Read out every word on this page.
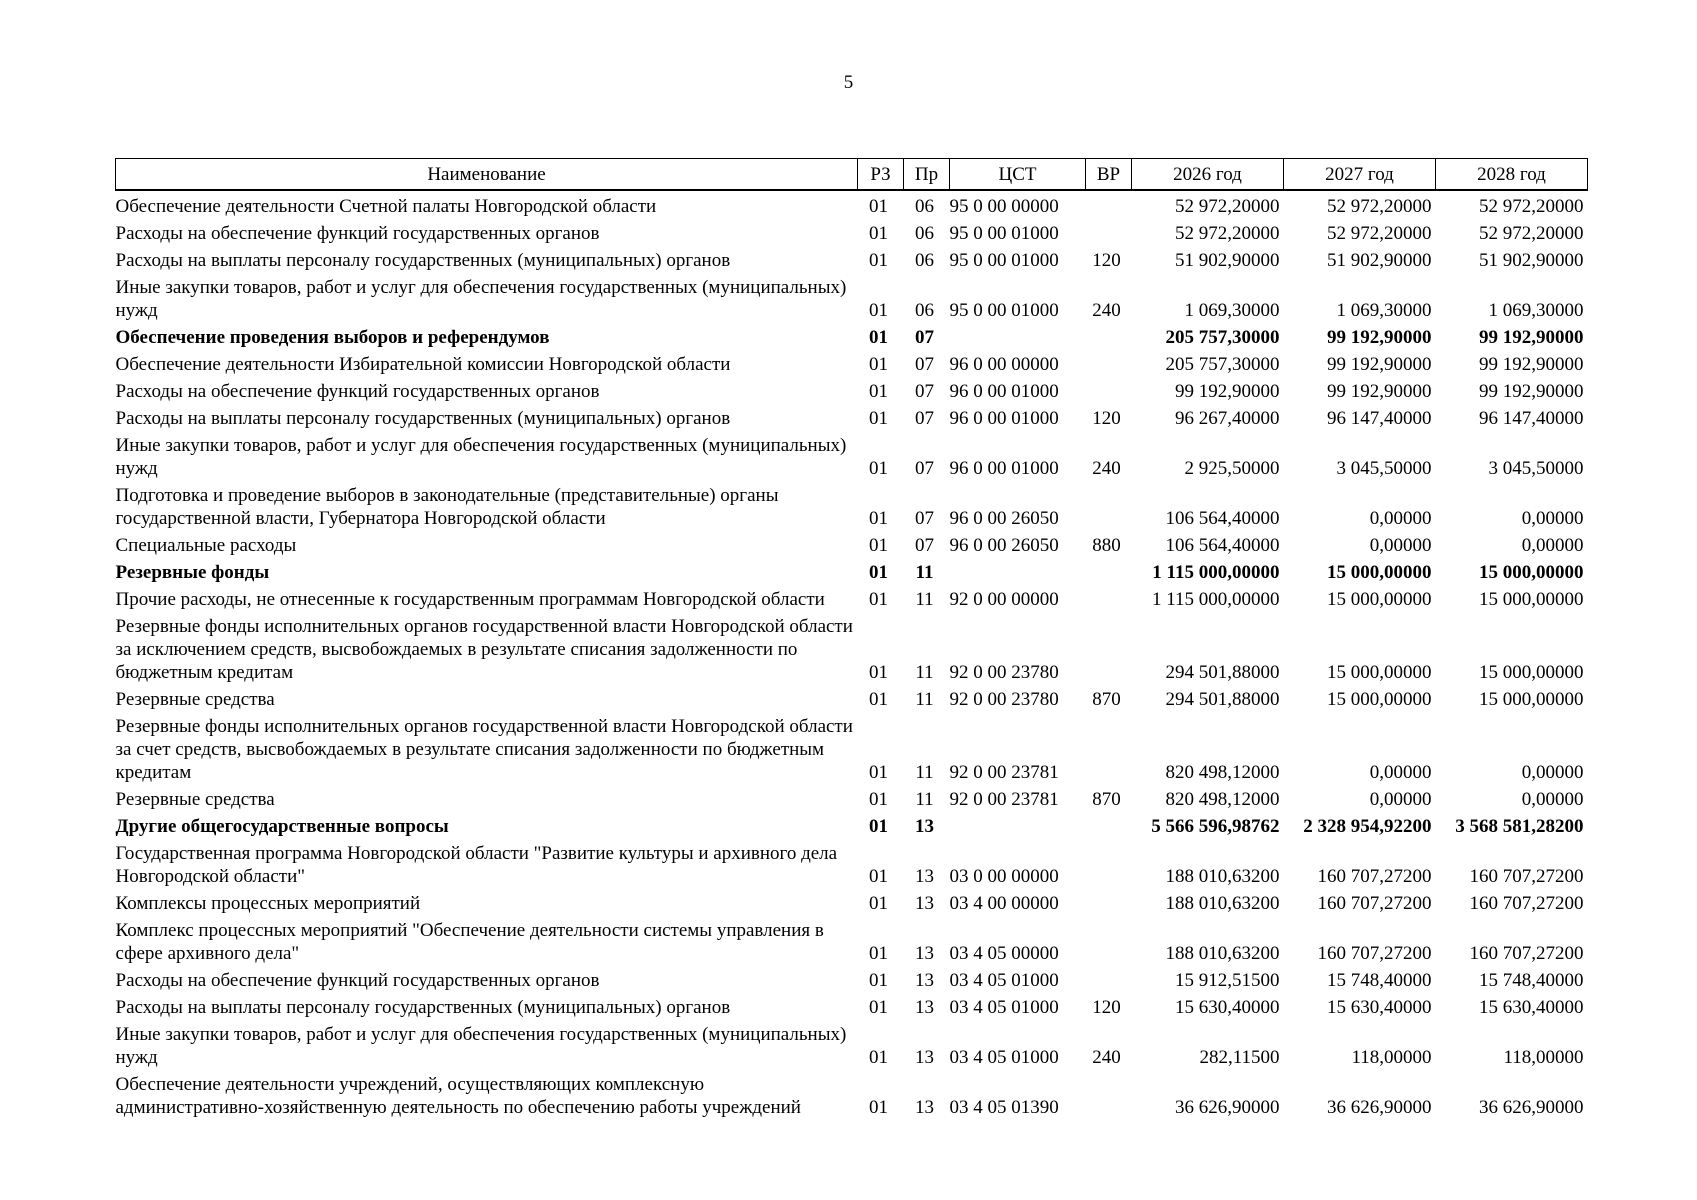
5
Наименование	РЗ	Пр	ЦСТ	ВР	2026 год	2027 год	2028 год
Обеспечение деятельности Счетной палаты Новгородской области	01	06	95 0 00 00000		52 972,20000	52 972,20000	52 972,20000
Расходы на обеспечение функций государственных органов	01	06	95 0 00 01000		52 972,20000	52 972,20000	52 972,20000
Расходы на выплаты персоналу государственных (муниципальных) органов	01	06	95 0 00 01000	120	51 902,90000	51 902,90000	51 902,90000
Иные закупки товаров, работ и услуг для обеспечения государственных (муниципальных) нужд	01	06	95 0 00 01000	240	1 069,30000	1 069,30000	1 069,30000
Обеспечение проведения выборов и референдумов	01	07			205 757,30000	99 192,90000	99 192,90000
Обеспечение деятельности Избирательной комиссии Новгородской области	01	07	96 0 00 00000		205 757,30000	99 192,90000	99 192,90000
Расходы на обеспечение функций государственных органов	01	07	96 0 00 01000		99 192,90000	99 192,90000	99 192,90000
Расходы на выплаты персоналу государственных (муниципальных) органов	01	07	96 0 00 01000	120	96 267,40000	96 147,40000	96 147,40000
Иные закупки товаров, работ и услуг для обеспечения государственных (муниципальных) нужд	01	07	96 0 00 01000	240	2 925,50000	3 045,50000	3 045,50000
Подготовка и проведение выборов в законодательные (представительные) органы государственной власти, Губернатора Новгородской области	01	07	96 0 00 26050		106 564,40000	0,00000	0,00000
Специальные расходы	01	07	96 0 00 26050	880	106 564,40000	0,00000	0,00000
Резервные фонды	01	11			1 115 000,00000	15 000,00000	15 000,00000
Прочие расходы, не отнесенные к государственным программам Новгородской области	01	11	92 0 00 00000		1 115 000,00000	15 000,00000	15 000,00000
Резервные фонды исполнительных органов государственной власти Новгородской области за исключением средств, высвобождаемых в результате списания задолженности по бюджетным кредитам	01	11	92 0 00 23780		294 501,88000	15 000,00000	15 000,00000
Резервные средства	01	11	92 0 00 23780	870	294 501,88000	15 000,00000	15 000,00000
Резервные фонды исполнительных органов государственной власти Новгородской области за счет средств, высвобождаемых в результате списания задолженности по бюджетным кредитам	01	11	92 0 00 23781		820 498,12000	0,00000	0,00000
Резервные средства	01	11	92 0 00 23781	870	820 498,12000	0,00000	0,00000
Другие общегосударственные вопросы	01	13			5 566 596,98762	2 328 954,92200	3 568 581,28200
Государственная программа Новгородской области "Развитие культуры и архивного дела Новгородской области"	01	13	03 0 00 00000		188 010,63200	160 707,27200	160 707,27200
Комплексы процессных мероприятий	01	13	03 4 00 00000		188 010,63200	160 707,27200	160 707,27200
Комплекс процессных мероприятий "Обеспечение деятельности системы управления в сфере архивного дела"	01	13	03 4 05 00000		188 010,63200	160 707,27200	160 707,27200
Расходы на обеспечение функций государственных органов	01	13	03 4 05 01000		15 912,51500	15 748,40000	15 748,40000
Расходы на выплаты персоналу государственных (муниципальных) органов	01	13	03 4 05 01000	120	15 630,40000	15 630,40000	15 630,40000
Иные закупки товаров, работ и услуг для обеспечения государственных (муниципальных) нужд	01	13	03 4 05 01000	240	282,11500	118,00000	118,00000
Обеспечение деятельности учреждений, осуществляющих комплексную административно-хозяйственную деятельность по обеспечению работы учреждений	01	13	03 4 05 01390		36 626,90000	36 626,90000	36 626,90000
